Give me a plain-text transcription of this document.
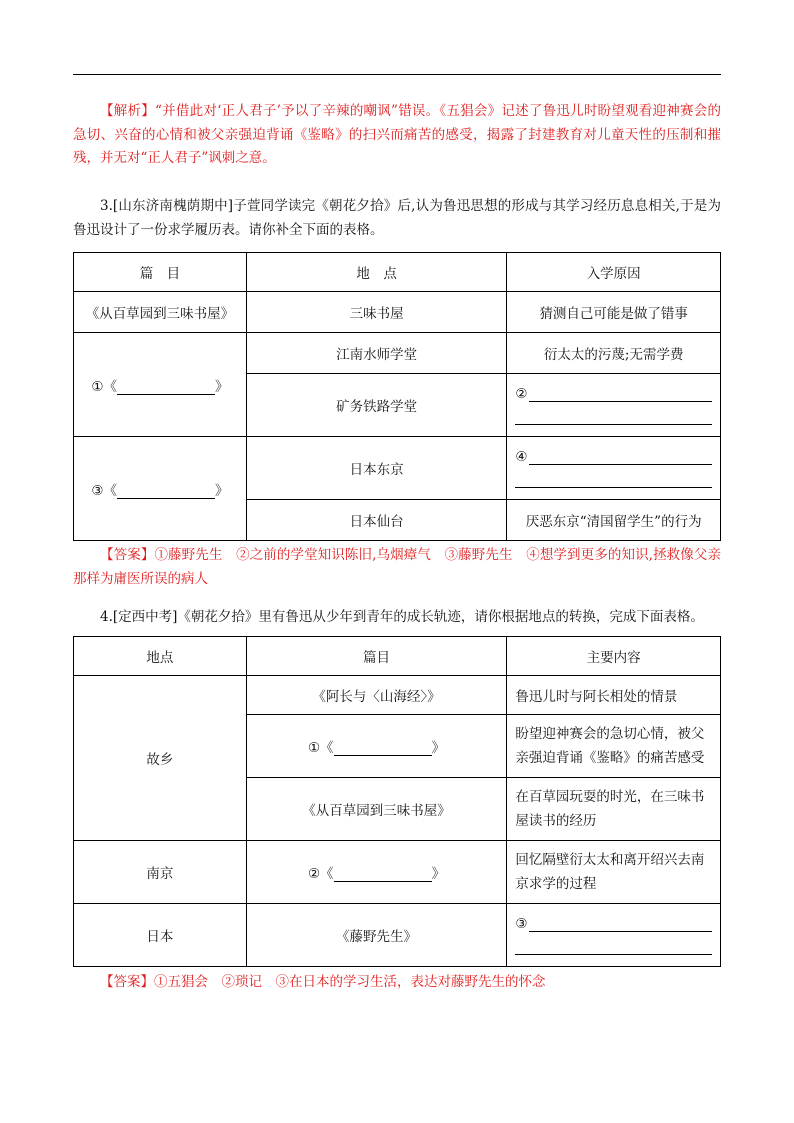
【解析】“并借此对‘正人君子’予以了辛辣的嘲讽”错误。《五猖会》记述了鲁迅儿时盼望观看迎神赛会的急切、兴奋的心情和被父亲强迫背诵《鉴略》的扫兴而痛苦的感受，揭露了封建教育对儿童天性的压制和摧残，并无对“正人君子”讽刺之意。
3.[山东济南槐荫期中]子萱同学读完《朝花夕拾》后,认为鲁迅思想的形成与其学习经历息息相关,于是为鲁迅设计了一份求学履历表。请你补全下面的表格。
篇　目	地　点	入学原因
《从百草园到三味书屋》	三味书屋	猜测自己可能是做了错事
①《 》	江南水师学堂	衍太太的污蔑;无需学费
	矿务铁路学堂	②

③《 》	日本东京	④

	日本仙台	厌恶东京“清国留学生”的行为
【答案】①藤野先生　②之前的学堂知识陈旧,乌烟瘴气　③藤野先生　④想学到更多的知识,拯救像父亲那样为庸医所误的病人
4.[定西中考]《朝花夕拾》里有鲁迅从少年到青年的成长轨迹，请你根据地点的转换，完成下面表格。
地点	篇目	主要内容
故乡	《阿长与〈山海经〉》	鲁迅儿时与阿长相处的情景
	①《 》	盼望迎神赛会的急切心情，被父亲强迫背诵《鉴略》的痛苦感受
	《从百草园到三味书屋》	在百草园玩耍的时光，在三味书屋读书的经历
南京	②《 》	回忆隔壁衍太太和离开绍兴去南京求学的过程
日本	《藤野先生》	③
【答案】①五猖会　②琐记　③在日本的学习生活，表达对藤野先生的怀念
